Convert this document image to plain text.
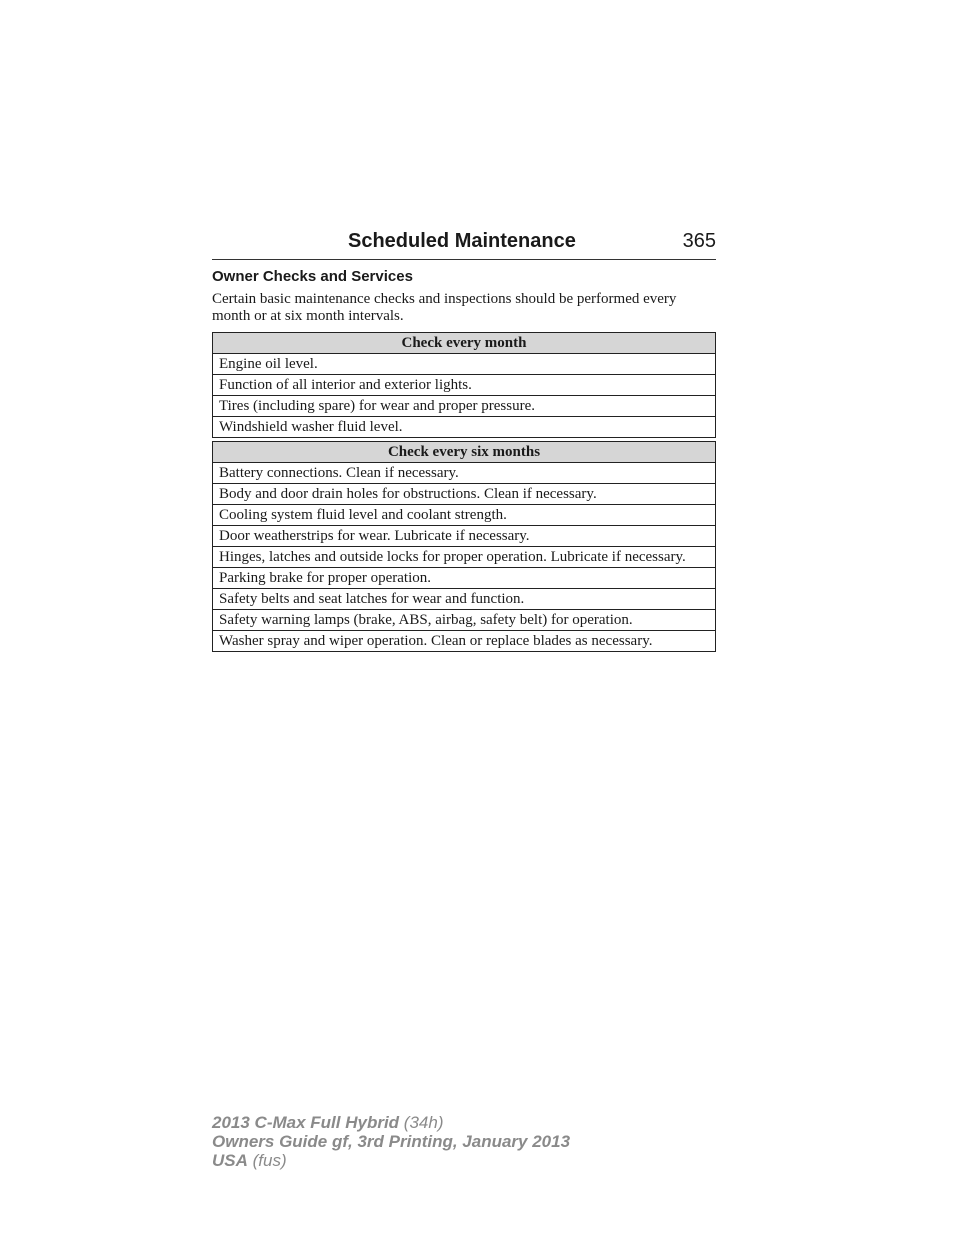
Scheduled Maintenance	365
Owner Checks and Services
Certain basic maintenance checks and inspections should be performed every month or at six month intervals.
Check every month
Engine oil level.
Function of all interior and exterior lights.
Tires (including spare) for wear and proper pressure.
Windshield washer fluid level.
Check every six months
Battery connections. Clean if necessary.
Body and door drain holes for obstructions. Clean if necessary.
Cooling system fluid level and coolant strength.
Door weatherstrips for wear. Lubricate if necessary.
Hinges, latches and outside locks for proper operation. Lubricate if necessary.
Parking brake for proper operation.
Safety belts and seat latches for wear and function.
Safety warning lamps (brake, ABS, airbag, safety belt) for operation.
Washer spray and wiper operation. Clean or replace blades as necessary.
2013 C-Max Full Hybrid (34h)
Owners Guide gf, 3rd Printing, January 2013
USA (fus)
